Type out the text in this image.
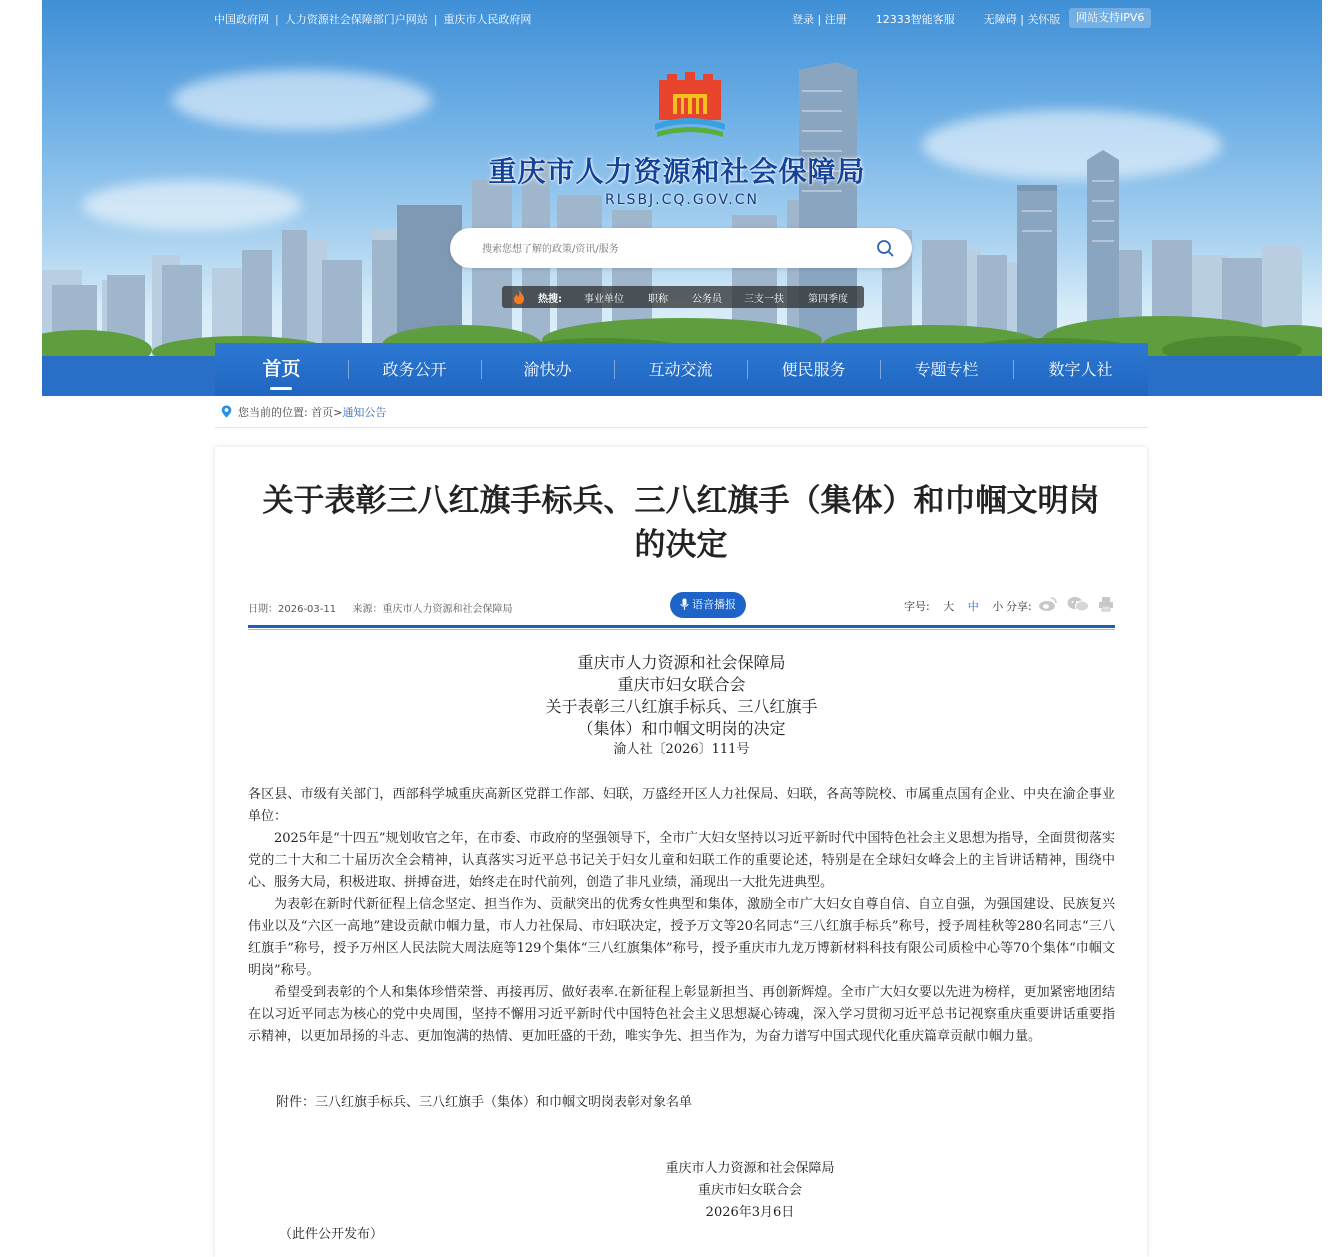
中国政府网 | 人力资源社会保障部门户网站 | 重庆市人民政府网	登录 | 注册	12333智能客服	无障碍 | 关怀版	网站支持IPV6
重庆市人力资源和社会保障局
RLSBJ.CQ.GOV.CN
搜索您想了解的政策/资讯/服务
热搜: 事业单位 职称 公务员 三支一扶 第四季度
首页	政务公开	渝快办	互动交流	便民服务	专题专栏	数字人社
您当前的位置: 首页>通知公告
关于表彰三八红旗手标兵、三八红旗手（集体）和巾帼文明岗
的决定
日期：2026-03-11 来源：重庆市人力资源和社会保障局	语音播报	字号: 大 中 小 分享:
重庆市人力资源和社会保障局
重庆市妇女联合会
关于表彰三八红旗手标兵、三八红旗手
（集体）和巾帼文明岗的决定
渝人社〔2026〕111号
各区县、市级有关部门，西部科学城重庆高新区党群工作部、妇联，万盛经开区人力社保局、妇联，各高等院校、市属重点国有企业、中央在渝企事业单位：
2025年是“十四五”规划收官之年，在市委、市政府的坚强领导下，全市广大妇女坚持以习近平新时代中国特色社会主义思想为指导，全面贯彻落实党的二十大和二十届历次全会精神，认真落实习近平总书记关于妇女儿童和妇联工作的重要论述，特别是在全球妇女峰会上的主旨讲话精神，围绕中心、服务大局，积极进取、拼搏奋进，始终走在时代前列，创造了非凡业绩，涌现出一大批先进典型。
为表彰在新时代新征程上信念坚定、担当作为、贡献突出的优秀女性典型和集体，激励全市广大妇女自尊自信、自立自强，为强国建设、民族复兴伟业以及“六区一高地”建设贡献巾帼力量，市人力社保局、市妇联决定，授予万文等20名同志“三八红旗手标兵”称号，授予周桂秋等280名同志“三八红旗手”称号，授予万州区人民法院大周法庭等129个集体“三八红旗集体”称号，授予重庆市九龙万博新材料科技有限公司质检中心等70个集体“巾帼文明岗”称号。
希望受到表彰的个人和集体珍惜荣誉、再接再厉、做好表率.在新征程上彰显新担当、再创新辉煌。全市广大妇女要以先进为榜样，更加紧密地团结在以习近平同志为核心的党中央周围，坚持不懈用习近平新时代中国特色社会主义思想凝心铸魂，深入学习贯彻习近平总书记视察重庆重要讲话重要指示精神，以更加昂扬的斗志、更加饱满的热情、更加旺盛的干劲，唯实争先、担当作为，为奋力谱写中国式现代化重庆篇章贡献巾帼力量。
附件：三八红旗手标兵、三八红旗手（集体）和巾帼文明岗表彰对象名单
重庆市人力资源和社会保障局
重庆市妇女联合会
2026年3月6日
（此件公开发布）
